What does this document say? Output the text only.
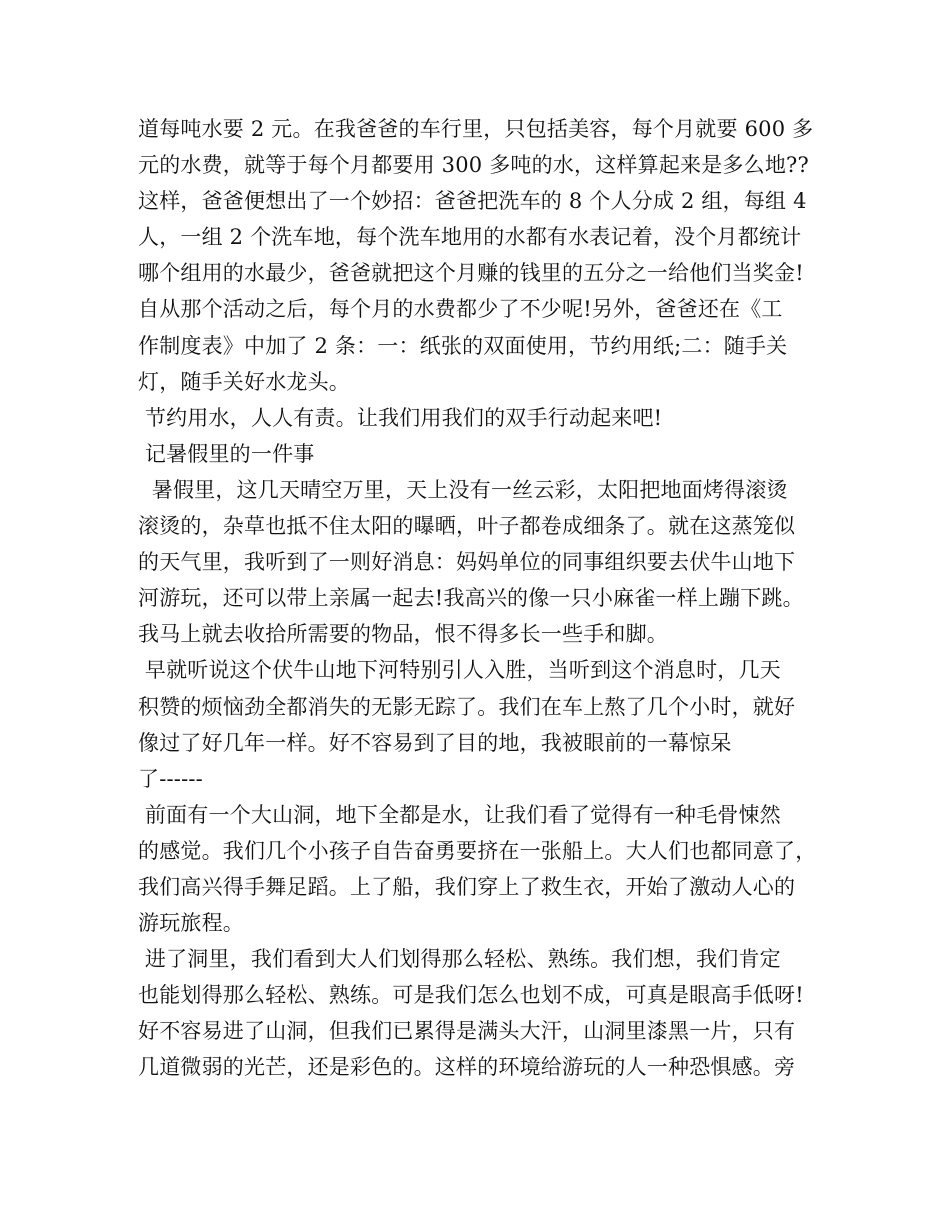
道每吨水要 2 元。在我爸爸的车行里，只包括美容，每个月就要 600 多
元的水费，就等于每个月都要用 300 多吨的水，这样算起来是多么地??
这样，爸爸便想出了一个妙招：爸爸把洗车的 8 个人分成 2 组，每组 4
人，一组 2 个洗车地，每个洗车地用的水都有水表记着，没个月都统计
哪个组用的水最少，爸爸就把这个月赚的钱里的五分之一给他们当奖金!
自从那个活动之后，每个月的水费都少了不少呢!另外，爸爸还在《工
作制度表》中加了 2 条：一：纸张的双面使用，节约用纸;二：随手关
灯，随手关好水龙头。
节约用水，人人有责。让我们用我们的双手行动起来吧!
记暑假里的一件事
暑假里，这几天晴空万里，天上没有一丝云彩，太阳把地面烤得滚烫
滚烫的，杂草也抵不住太阳的曝晒，叶子都卷成细条了。就在这蒸笼似
的天气里，我听到了一则好消息：妈妈单位的同事组织要去伏牛山地下
河游玩，还可以带上亲属一起去!我高兴的像一只小麻雀一样上蹦下跳。
我马上就去收拾所需要的物品，恨不得多长一些手和脚。
早就听说这个伏牛山地下河特别引人入胜，当听到这个消息时，几天
积赞的烦恼劲全都消失的无影无踪了。我们在车上熬了几个小时，就好
像过了好几年一样。好不容易到了目的地，我被眼前的一幕惊呆
了------
前面有一个大山洞，地下全都是水，让我们看了觉得有一种毛骨悚然
的感觉。我们几个小孩子自告奋勇要挤在一张船上。大人们也都同意了，
我们高兴得手舞足蹈。上了船，我们穿上了救生衣，开始了激动人心的
游玩旅程。
进了洞里，我们看到大人们划得那么轻松、熟练。我们想，我们肯定
也能划得那么轻松、熟练。可是我们怎么也划不成，可真是眼高手低呀!
好不容易进了山洞，但我们已累得是满头大汗，山洞里漆黑一片，只有
几道微弱的光芒，还是彩色的。这样的环境给游玩的人一种恐惧感。旁
